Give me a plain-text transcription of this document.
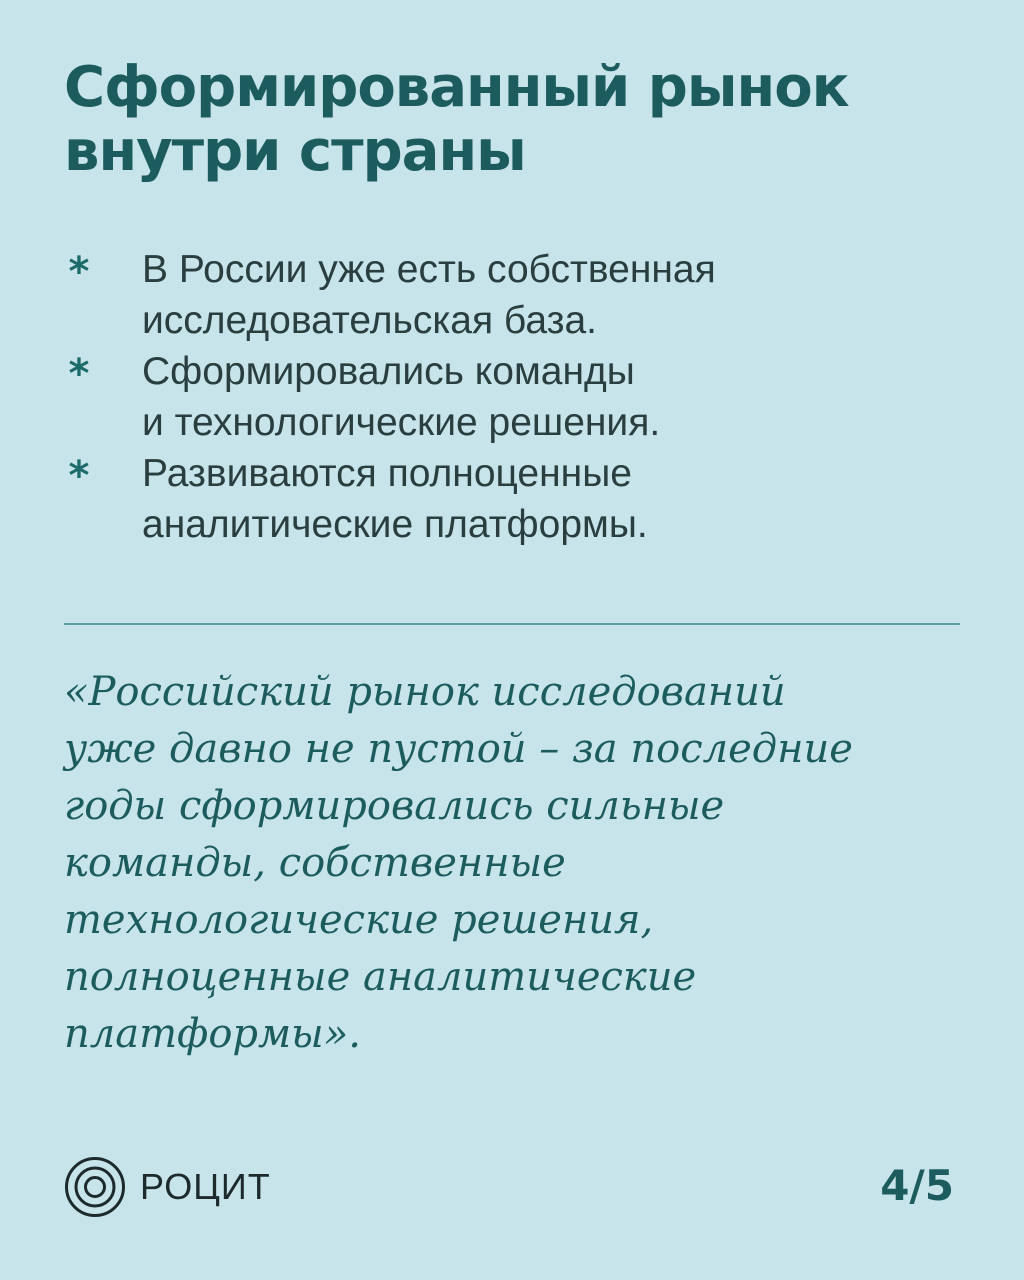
Сформированный рынок
внутри страны
* В России уже есть собственная
исследовательская база.
* Сформировались команды
и технологические решения.
* Развиваются полноценные
аналитические платформы.

«Российский рынок исследований
уже давно не пустой – за последние
годы сформировались сильные
команды, собственные
технологические решения,
полноценные аналитические
платформы».

РОЦИТ	4/5
